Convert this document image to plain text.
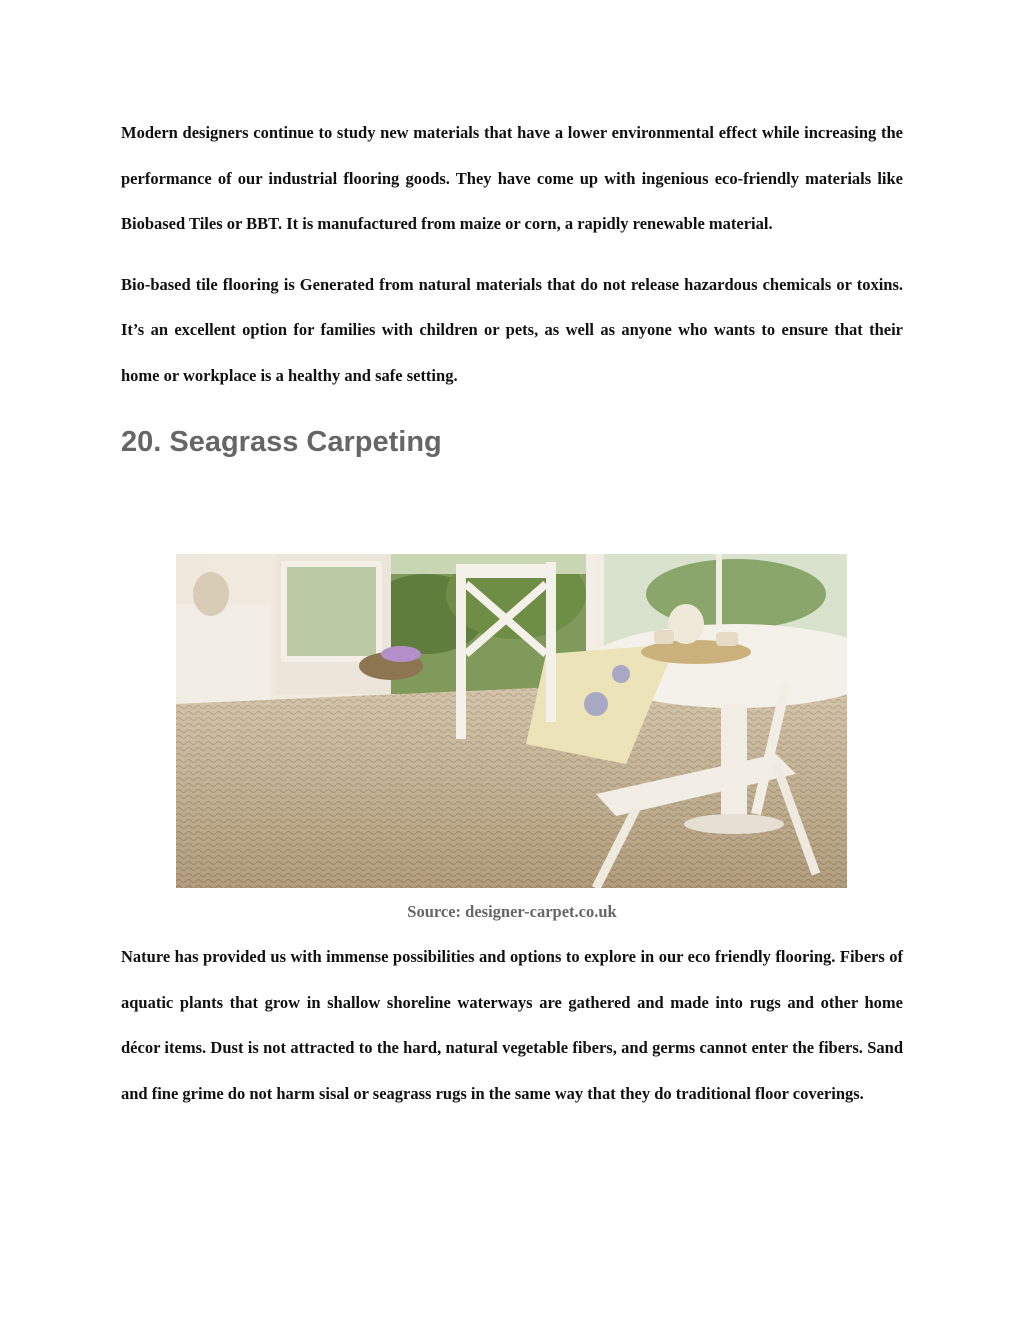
Modern designers continue to study new materials that have a lower environmental effect while increasing the performance of our industrial flooring goods. They have come up with ingenious eco-friendly materials like Biobased Tiles or BBT. It is manufactured from maize or corn, a rapidly renewable material.

Bio-based tile flooring is Generated from natural materials that do not release hazardous chemicals or toxins. It’s an excellent option for families with children or pets, as well as anyone who wants to ensure that their home or workplace is a healthy and safe setting.

20. Seagrass Carpeting
Source: designer-carpet.co.uk

Nature has provided us with immense possibilities and options to explore in our eco friendly flooring. Fibers of aquatic plants that grow in shallow shoreline waterways are gathered and made into rugs and other home décor items. Dust is not attracted to the hard, natural vegetable fibers, and germs cannot enter the fibers. Sand and fine grime do not harm sisal or seagrass rugs in the same way that they do traditional floor coverings.
